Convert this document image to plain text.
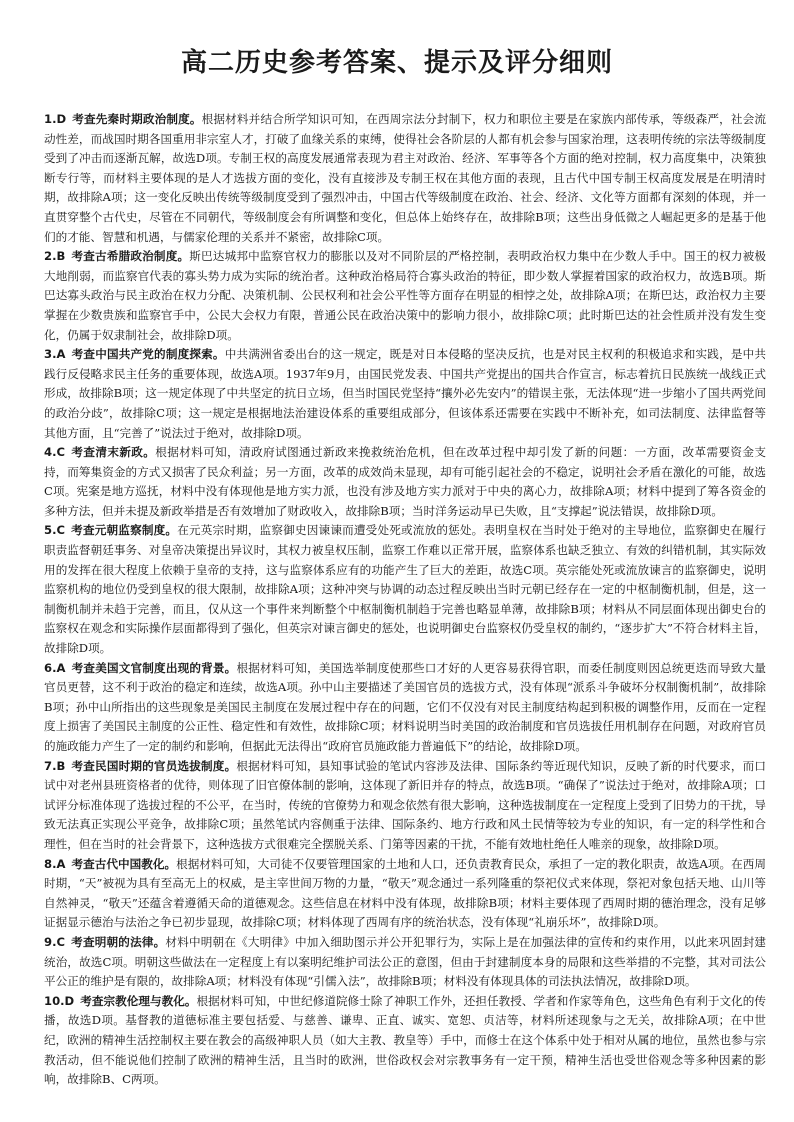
高二历史参考答案、提示及评分细则

1.D 考查先秦时期政治制度。根据材料并结合所学知识可知，在西周宗法分封制下，权力和职位主要是在家族内部传承，等级森严，社会流动性差，而战国时期各国重用非宗室人才，打破了血缘关系的束缚，使得社会各阶层的人都有机会参与国家治理，这表明传统的宗法等级制度受到了冲击而逐渐瓦解，故选D项。专制王权的高度发展通常表现为君主对政治、经济、军事等各个方面的绝对控制，权力高度集中，决策独断专行等，而材料主要体现的是人才选拔方面的变化，没有直接涉及专制王权在其他方面的表现，且古代中国专制王权高度发展是在明清时期，故排除A项；这一变化反映出传统等级制度受到了强烈冲击，中国古代等级制度在政治、社会、经济、文化等方面都有深刻的体现，并一直贯穿整个古代史，尽管在不同朝代，等级制度会有所调整和变化，但总体上始终存在，故排除B项；这些出身低微之人崛起更多的是基于他们的才能、智慧和机遇，与儒家伦理的关系并不紧密，故排除C项。

2.B 考查古希腊政治制度。斯巴达城邦中监察官权力的膨胀以及对不同阶层的严格控制，表明政治权力集中在少数人手中。国王的权力被极大地削弱，而监察官代表的寡头势力成为实际的统治者。这种政治格局符合寡头政治的特征，即少数人掌握着国家的政治权力，故选B项。斯巴达寡头政治与民主政治在权力分配、决策机制、公民权利和社会公平性等方面存在明显的相悖之处，故排除A项；在斯巴达，政治权力主要掌握在少数贵族和监察官手中，公民大会权力有限，普通公民在政治决策中的影响力很小，故排除C项；此时斯巴达的社会性质并没有发生变化，仍属于奴隶制社会，故排除D项。

3.A 考查中国共产党的制度探索。中共满洲省委出台的这一规定，既是对日本侵略的坚决反抗，也是对民主权利的积极追求和实践，是中共践行反侵略求民主任务的重要体现，故选A项。1937年9月，由国民党发表、中国共产党提出的国共合作宣言，标志着抗日民族统一战线正式形成，故排除B项；这一规定体现了中共坚定的抗日立场，但当时国民党坚持“攘外必先安内”的错误主张，无法体现“进一步缩小了国共两党间的政治分歧”，故排除C项；这一规定是根据地法治建设体系的重要组成部分，但该体系还需要在实践中不断补充，如司法制度、法律监督等其他方面，且“完善了”说法过于绝对，故排除D项。

4.C 考查清末新政。根据材料可知，清政府试图通过新政来挽救统治危机，但在改革过程中却引发了新的问题：一方面，改革需要资金支持，而筹集资金的方式又损害了民众利益；另一方面，改革的成效尚未显现，却有可能引起社会的不稳定，说明社会矛盾在激化的可能，故选C项。宪案是地方巡抚，材料中没有体现他是地方实力派，也没有涉及地方实力派对于中央的离心力，故排除A项；材料中提到了筹各资金的多种方法，但并未提及新政举措是否有效增加了财政收入，故排除B项；当时洋务运动早已失败，且“支撑起”说法错误，故排除D项。

5.C 考查元朝监察制度。在元英宗时期，监察御史因谏谏而遭受处死或流放的惩处。表明皇权在当时处于绝对的主导地位，监察御史在履行职责监督朝廷事务、对皇帝决策提出异议时，其权力被皇权压制，监察工作难以正常开展，监察体系也缺乏独立、有效的纠错机制，其实际效用的发挥在很大程度上依赖于皇帝的支持，这与监察体系应有的功能产生了巨大的差距，故选C项。英宗能处死或流放谏言的监察御史，说明监察机构的地位仍受到皇权的很大限制，故排除A项；这种冲突与协调的动态过程反映出当时元朝已经存在一定的中枢制衡机制，但是，这一制衡机制并未趋于完善，而且，仅从这一个事件来判断整个中枢制衡机制趋于完善也略显单薄，故排除B项；材料从不同层面体现出御史台的监察权在观念和实际操作层面都得到了强化，但英宗对谏言御史的惩处，也说明御史台监察权仍受皇权的制约，“逐步扩大”不符合材料主旨，故排除D项。

6.A 考查美国文官制度出现的背景。根据材料可知，美国选举制度使那些口才好的人更容易获得官职，而委任制度则因总统更迭而导致大量官员更替，这不利于政治的稳定和连续，故选A项。孙中山主要描述了美国官员的选拔方式，没有体现“派系斗争破坏分权制衡机制”，故排除B项；孙中山所指出的这些现象是美国民主制度在发展过程中存在的问题，它们不仅没有对民主制度结构起到积极的调整作用，反而在一定程度上损害了美国民主制度的公正性、稳定性和有效性，故排除C项；材料说明当时美国的政治制度和官员选拔任用机制存在问题，对政府官员的施政能力产生了一定的制约和影响，但据此无法得出“政府官员施政能力普遍低下”的结论，故排除D项。

7.B 考查民国时期的官员选拔制度。根据材料可知，县知事试验的笔试内容涉及法律、国际条约等近现代知识，反映了新的时代要求，而口试中对老州县班资格者的优待，则体现了旧官僚体制的影响，这体现了新旧并存的特点，故选B项。“确保了”说法过于绝对，故排除A项；口试评分标准体现了选拔过程的不公平，在当时，传统的官僚势力和观念依然有很大影响，这种选拔制度在一定程度上受到了旧势力的干扰，导致无法真正实现公平竞争，故排除C项；虽然笔试内容侧重于法律、国际条约、地方行政和风土民情等较为专业的知识，有一定的科学性和合理性，但在当时的社会背景下，这种选拔方式很难完全摆脱关系、门第等因素的干扰，不能有效地杜绝任人唯亲的现象，故排除D项。

8.A 考查古代中国教化。根据材料可知，大司徒不仅要管理国家的土地和人口，还负责教育民众，承担了一定的教化职责，故选A项。在西周时期，“天”被视为具有至高无上的权威，是主宰世间万物的力量，“敬天”观念通过一系列隆重的祭祀仪式来体现，祭祀对象包括天地、山川等自然神灵，“敬天”还蕴含着遵循天命的道德观念。这些信息在材料中没有体现，故排除B项；材料主要体现了西周时期的德治理念，没有足够证据显示德治与法治之争已初步显现，故排除C项；材料体现了西周有序的统治状态，没有体现“礼崩乐坏”，故排除D项。

9.C 考查明朝的法律。材料中明朝在《大明律》中加入细助图示并公开犯罪行为，实际上是在加强法律的宣传和约束作用，以此来巩固封建统治，故选C项。明朝这些做法在一定程度上有以案明纪维护司法公正的意图，但由于封建制度本身的局限和这些举措的不完整，其对司法公平公正的维护是有限的，故排除A项；材料没有体现“引儒入法”，故排除B项；材料没有体现具体的司法执法情况，故排除D项。

10.D 考查宗教伦理与教化。根据材料可知，中世纪修道院修士除了神职工作外，还担任教授、学者和作家等角色，这些角色有利于文化的传播，故选D项。基督教的道德标准主要包括爱、与慈善、谦卑、正直、诚实、宽恕、贞洁等，材料所述现象与之无关，故排除A项；在中世纪，欧洲的精神生活控制权主要在教会的高级神职人员（如大主教、教皇等）手中，而修士在这个体系中处于相对从属的地位，虽然也参与宗教活动，但不能说他们控制了欧洲的精神生活，且当时的欧洲，世俗政权会对宗教事务有一定干预，精神生活也受世俗观念等多种因素的影响，故排除B、C两项。
